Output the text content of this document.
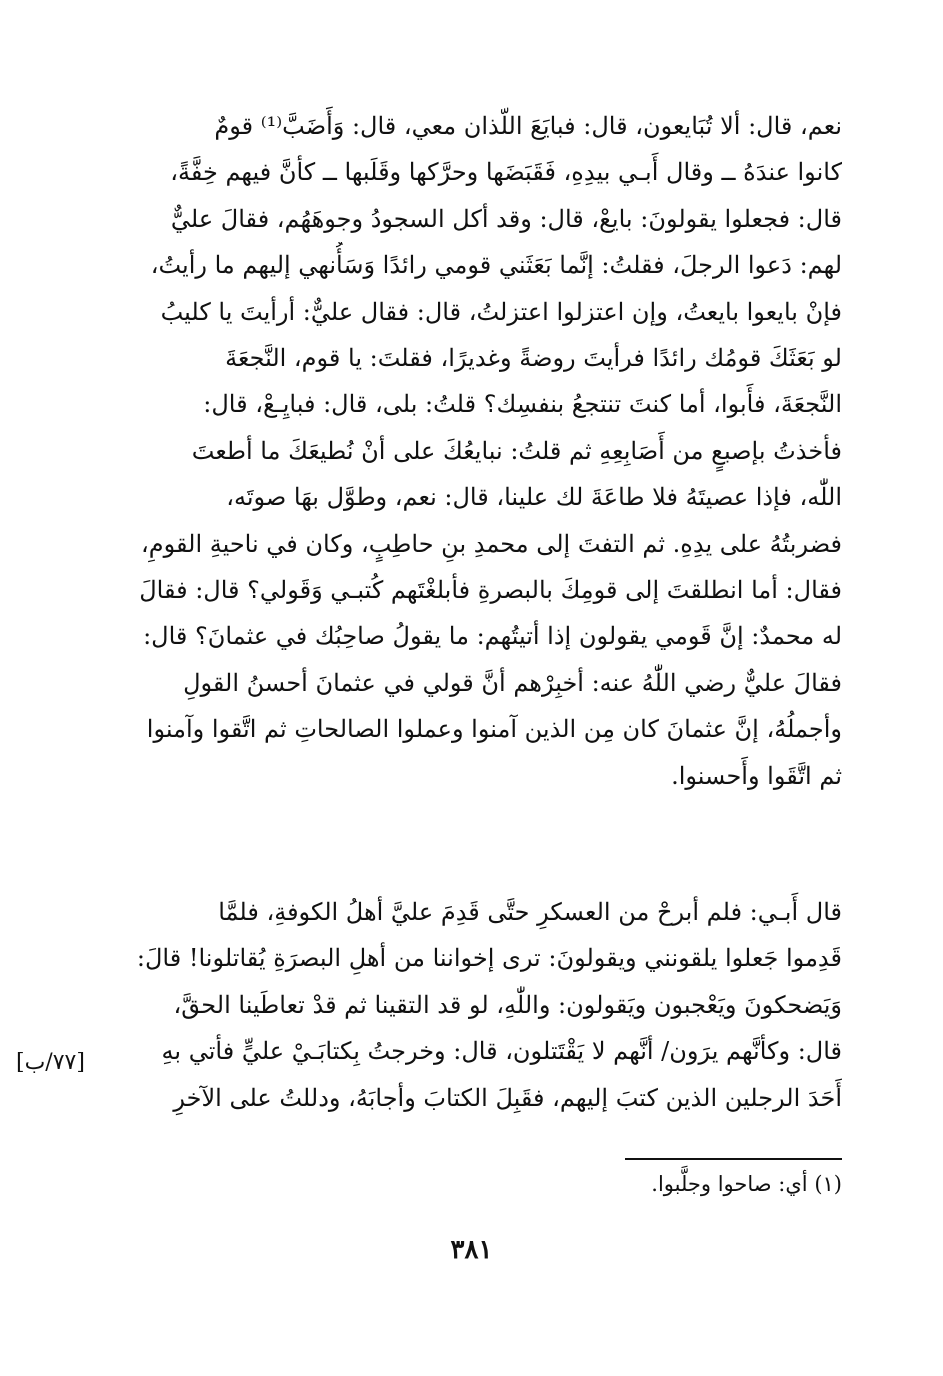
نعم، قال: ألا تُبَايعون، قال: فبايَعَ اللّذان معي، قال: وَأَضَبَّ⁽¹⁾ قومٌ
كانوا عندَهُ ــ وقال أَبـي بيدِهِ، فَقَبَضَها وحرَّكها وقَلَبها ــ كأنَّ فيهم خِفَّةً،
قال: فجعلوا يقولونَ: بايعْ، قال: وقد أكل السجودُ وجوهَهُم، فقالَ عليٌّ
لهم: دَعوا الرجلَ، فقلتُ: إنَّما بَعَثَني قومي رائدًا وَسَأُنهي إليهم ما رأيتُ،
فإنْ بايعوا بايعتُ، وإن اعتزلوا اعتزلتُ، قال: فقال عليٌّ: أرأيتَ يا كليبُ
لو بَعَثَكَ قومُك رائدًا فرأيتَ روضةً وغديرًا، فقلتَ: يا قوم، النَّجعَةَ
النَّجعَةَ، فأَبوا، أما كنتَ تنتجعُ بنفسِك؟ قلتُ: بلى، قال: فبايِـعْ، قال:
فأخذتُ بإصبعٍ من أَصَابِعِهِ ثم قلتُ: نبايعُكَ على أنْ نُطيعَكَ ما أطعتَ
اللّٰه، فإذا عصيتَهُ فلا طاعَةَ لك علينا، قال: نعم، وطوَّل بهَا صوتَه،
فضربتُهُ على يدِهِ. ثم التفتَ إلى محمدِ بنِ حاطِبٍ، وكان في ناحيةِ القومِ،
فقال: أما انطلقتَ إلى قومِكَ بالبصرةِ فأبلغْتَهم كُتبـي وَقَولي؟ قال: فقالَ
له محمدٌ: إنَّ قَومي يقولون إذا أتيتُهم: ما يقولُ صاحِبُك في عثمانَ؟ قال:
فقالَ عليٌّ رضي اللّٰهُ عنه: أخبِرْهم أنَّ قولي في عثمانَ أحسنُ القولِ
وأجملُهُ، إنَّ عثمانَ كان مِن الذين آمنوا وعملوا الصالحاتِ ثم اتَّقوا وآمنوا
ثم اتَّقَوا وأَحسنوا.
قال أَبـي: فلم أبرحْ من العسكرِ حتَّى قَدِمَ عليَّ أهلُ الكوفةِ، فلمَّا
قَدِموا جَعلوا يلقونني ويقولونَ: ترى إخواننا من أهلِ البصرَةِ يُقاتلونا! قالَ:
وَيَضحكونَ ويَعْجبون ويَقولون: واللّٰهِ، لو قد التقينا ثم قدْ تعاطَينا الحقَّ،
قال: وكأنَّهم يرَون/ أنَّهم لا يَقْتَتلون، قال: وخرجتُ بِكتابَـيْ عليٍّ فأتي بهِ
أَحَدَ الرجلين الذين كتبَ إليهم، فقَبِلَ الكتابَ وأجابَهُ، ودللتُ على الآخرِ
[٧٧/ب]
(١) أي: صاحوا وجلَّبوا.
٣٨١
